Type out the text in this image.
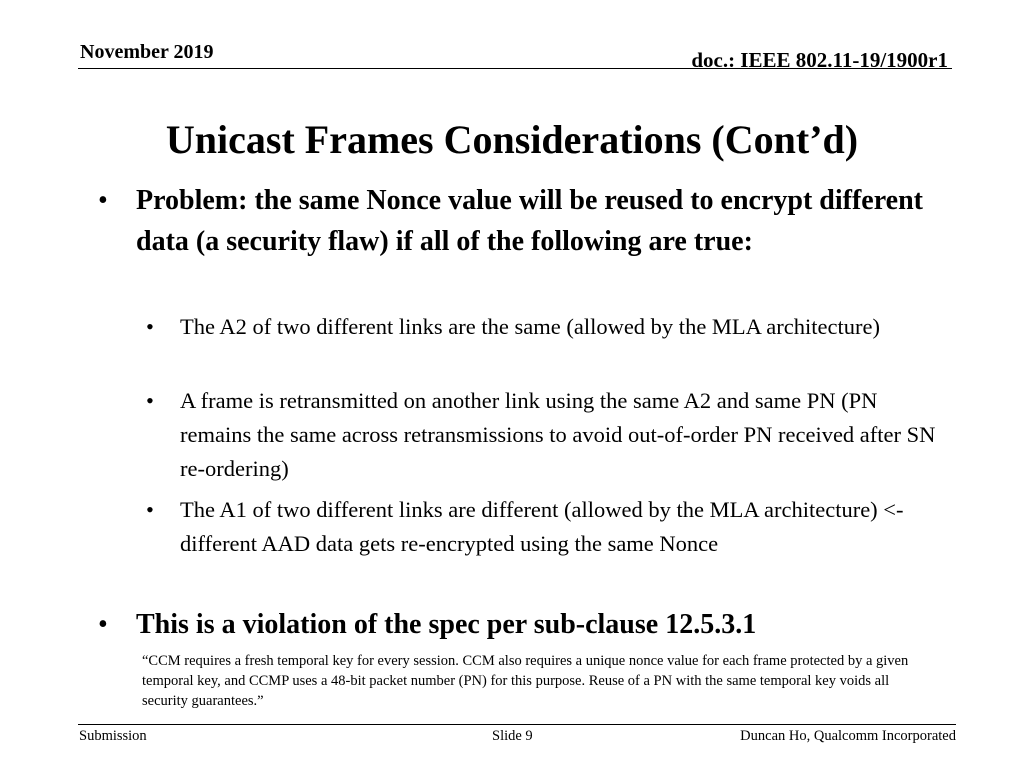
November 2019	doc.: IEEE 802.11-19/1900r1
Unicast Frames Considerations (Cont’d)
• Problem: the same Nonce value will be reused to encrypt different data (a security flaw) if all of the following are true:
• The A2 of two different links are the same (allowed by the MLA architecture)
• A frame is retransmitted on another link using the same A2 and same PN (PN remains the same across retransmissions to avoid out-of-order PN received after SN re-ordering)
• The A1 of two different links are different (allowed by the MLA architecture) <- different AAD data gets re-encrypted using the same Nonce
• This is a violation of the spec per sub-clause 12.5.3.1
“CCM requires a fresh temporal key for every session. CCM also requires a unique nonce value for each frame protected by a given temporal key, and CCMP uses a 48-bit packet number (PN) for this purpose. Reuse of a PN with the same temporal key voids all security guarantees.”
Submission	Slide 9	Duncan Ho, Qualcomm Incorporated
